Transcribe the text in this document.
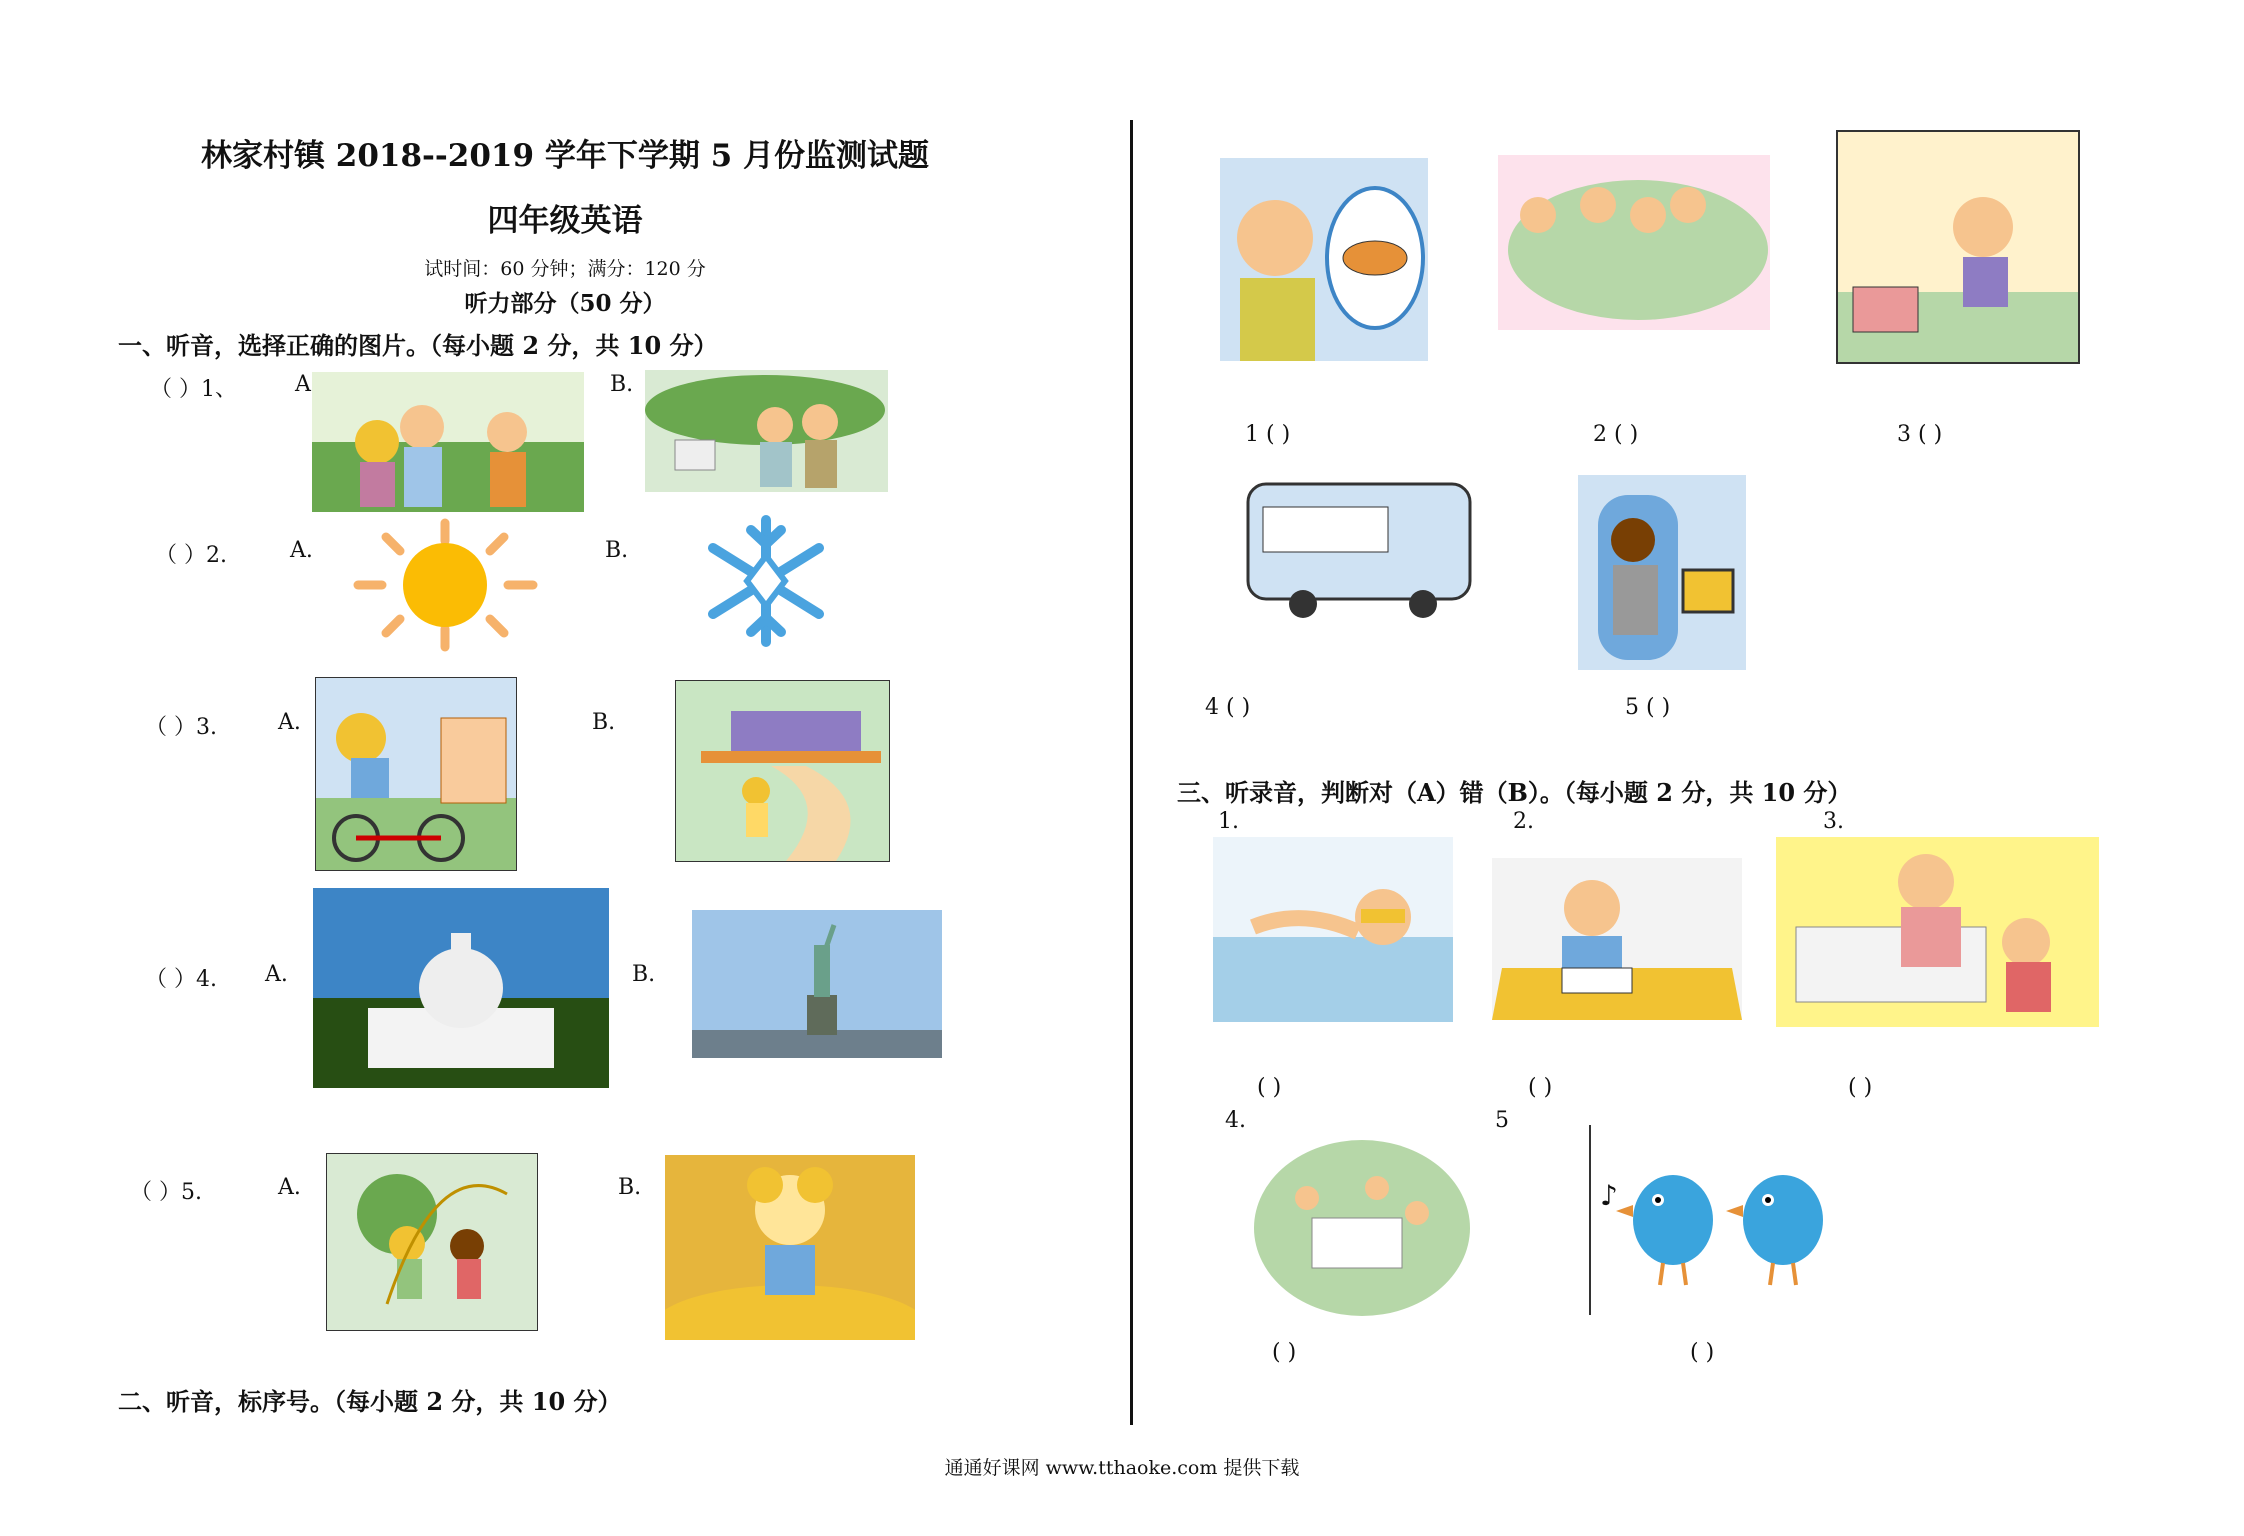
林家村镇 2018--2019 学年下学期 5 月份监测试题
四年级英语
试时间：60 分钟；满分：120 分
听力部分（50 分）
一、听音，选择正确的图片。（每小题 2 分，共 10 分）
（ ）1、	A	B.
（ ）2.	A.	B.
（ ）3.	A.	B.
（ ）4. A.	B.
（ ）5.	A.	B.
1 ( )	2 ( )	3 ( )
4 ( )	5 ( )
三、听录音，判断对（A）错（B）。（每小题 2 分，共 10 分）
1.	2.	3.
( )	( )	( )
4.	5
♪
( )	( )
二、听音，标序号。（每小题 2 分，共 10 分）
通通好课网 www.tthaoke.com 提供下载
